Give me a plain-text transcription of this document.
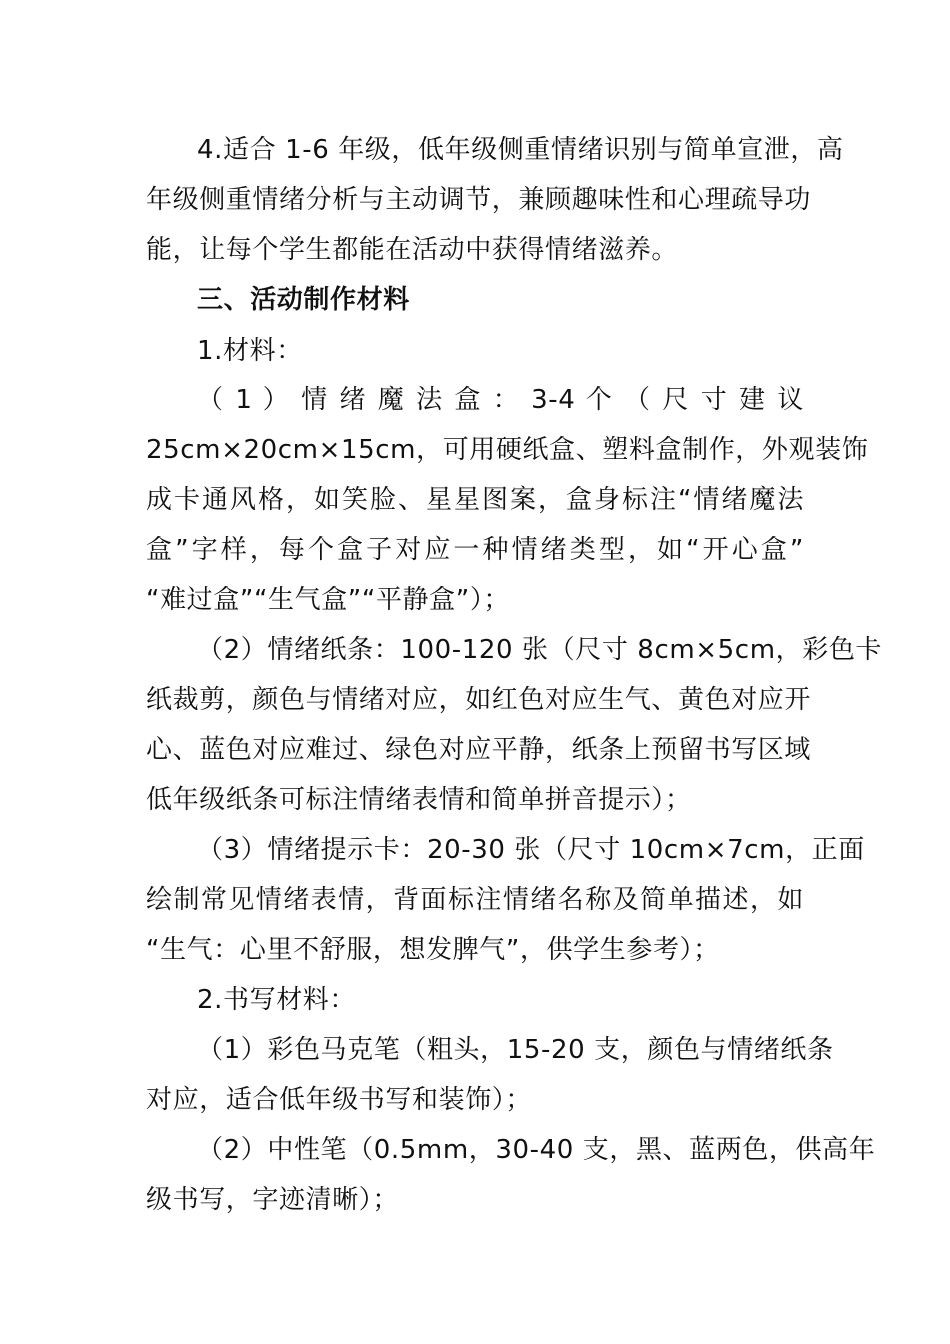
4.适合 1-6 年级，低年级侧重情绪识别与简单宣泄，高
年级侧重情绪分析与主动调节，兼顾趣味性和心理疏导功
能，让每个学生都能在活动中获得情绪滋养。
三、活动制作材料
1.材料：
（ 1 ） 情 绪 魔 法 盒 ： 3-4 个 （ 尺 寸 建 议
25cm×20cm×15cm，可用硬纸盒、塑料盒制作，外观装饰
成卡通风格，如笑脸、星星图案，盒身标注“情绪魔法
盒”字样，每个盒子对应一种情绪类型，如“开心盒”
“难过盒”“生气盒”“平静盒”）；
（2）情绪纸条：100-120 张（尺寸 8cm×5cm，彩色卡
纸裁剪，颜色与情绪对应，如红色对应生气、黄色对应开
心、蓝色对应难过、绿色对应平静，纸条上预留书写区域
低年级纸条可标注情绪表情和简单拼音提示）；
（3）情绪提示卡：20-30 张（尺寸 10cm×7cm，正面
绘制常见情绪表情，背面标注情绪名称及简单描述，如
“生气：心里不舒服，想发脾气”，供学生参考）；
2.书写材料：
（1）彩色马克笔（粗头，15-20 支，颜色与情绪纸条
对应，适合低年级书写和装饰）；
（2）中性笔（0.5mm，30-40 支，黑、蓝两色，供高年
级书写，字迹清晰）；
